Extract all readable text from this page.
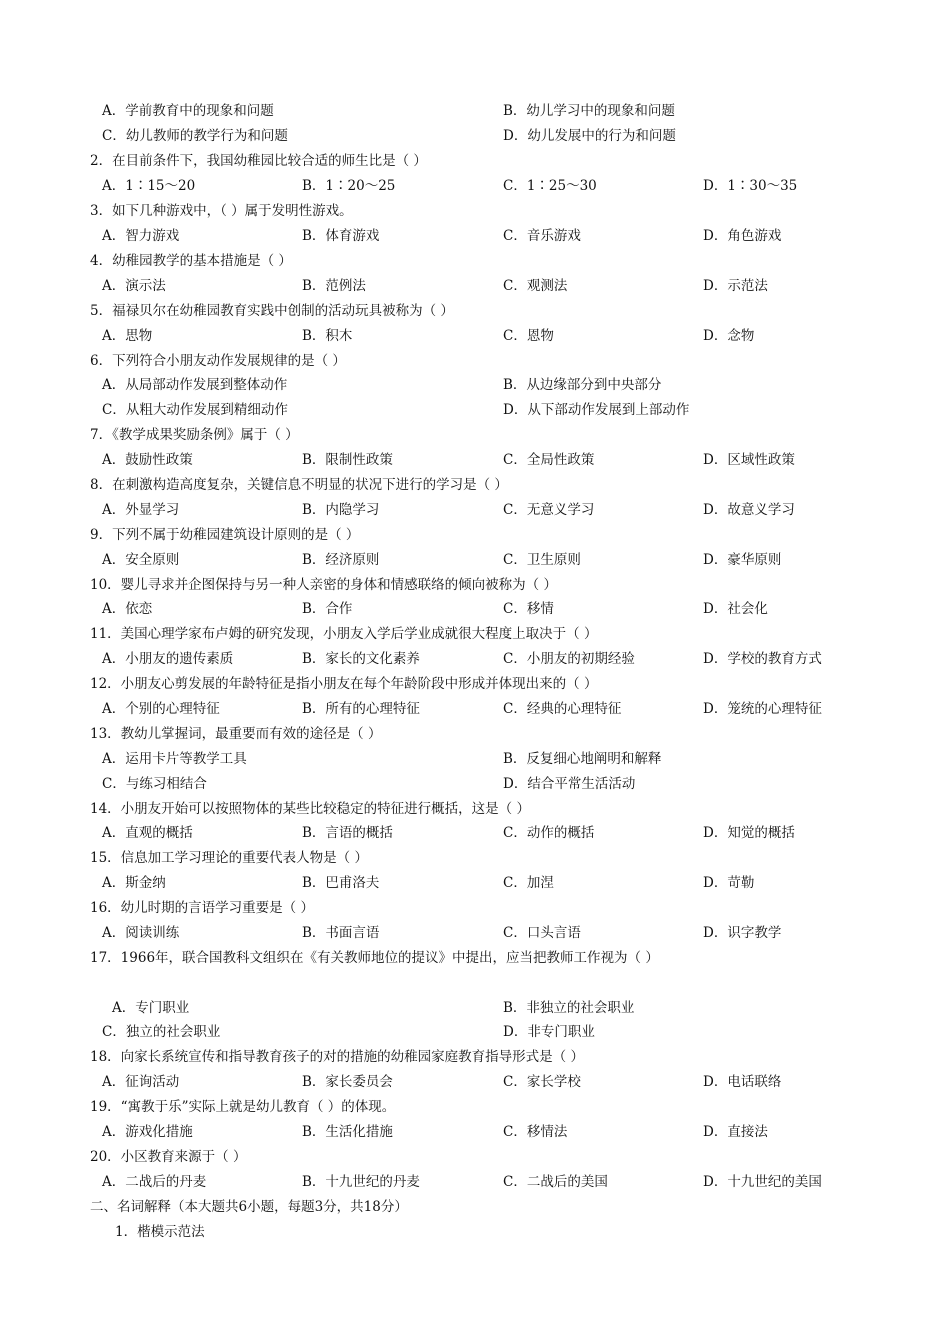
A．学前教育中的现象和问题	B．幼儿学习中的现象和问题
C．幼儿教师的教学行为和问题	D．幼儿发展中的行为和问题
2．在目前条件下，我国幼稚园比较合适的师生比是（ ）
A．1∶15～20	B．1∶20～25	C．1∶25～30	D．1∶30～35
3．如下几种游戏中，（ ）属于发明性游戏。
A．智力游戏	B．体育游戏	C．音乐游戏	D．角色游戏
4．幼稚园教学的基本措施是（ ）
A．演示法	B．范例法	C．观测法	D．示范法
5．福禄贝尔在幼稚园教育实践中创制的活动玩具被称为（ ）
A．思物	B．积木	C．恩物	D．念物
6．下列符合小朋友动作发展规律的是（ ）
A．从局部动作发展到整体动作	B．从边缘部分到中央部分
C．从粗大动作发展到精细动作	D．从下部动作发展到上部动作
7．《教学成果奖励条例》属于（ ）
A．鼓励性政策	B．限制性政策	C．全局性政策	D．区域性政策
8．在刺激构造高度复杂，关键信息不明显的状况下进行的学习是（ ）
A．外显学习	B．内隐学习	C．无意义学习	D．故意义学习
9．下列不属于幼稚园建筑设计原则的是（ ）
A．安全原则	B．经济原则	C．卫生原则	D．豪华原则
10．婴儿寻求并企图保持与另一种人亲密的身体和情感联络的倾向被称为（ ）
A．依恋	B．合作	C．移情	D．社会化
11．美国心理学家布卢姆的研究发现，小朋友入学后学业成就很大程度上取决于（ ）
A．小朋友的遗传素质	B．家长的文化素养	C．小朋友的初期经验	D．学校的教育方式
12．小朋友心剪发展的年龄特征是指小朋友在每个年龄阶段中形成并体现出来的（ ）
A．个别的心理特征	B．所有的心理特征	C．经典的心理特征	D．笼统的心理特征
13．教幼儿掌握词，最重要而有效的途径是（ ）
A．运用卡片等教学工具	B．反复细心地阐明和解释
C．与练习相结合	D．结合平常生活活动
14．小朋友开始可以按照物体的某些比较稳定的特征进行概括，这是（ ）
A．直观的概括	B．言语的概括	C．动作的概括	D．知觉的概括
15．信息加工学习理论的重要代表人物是（ ）
A．斯金纳	B．巴甫洛夫	C．加涅	D．苛勒
16．幼儿时期的言语学习重要是（ ）
A．阅读训练	B．书面言语	C．口头言语	D．识字教学
17．1966年，联合国教科文组织在《有关教师地位的提议》中提出，应当把教师工作视为（ ）
A．专门职业	B．非独立的社会职业
C．独立的社会职业	D．非专门职业
18．向家长系统宣传和指导教育孩子的对的措施的幼稚园家庭教育指导形式是（ ）
A．征询活动	B．家长委员会	C．家长学校	D．电话联络
19．“寓教于乐”实际上就是幼儿教育（ ）的体现。
A．游戏化措施	B．生活化措施	C．移情法	D．直接法
20．小区教育来源于（ ）
A．二战后的丹麦	B．十九世纪的丹麦	C．二战后的美国	D．十九世纪的美国
二、名词解释（本大题共6小题，每题3分，共18分）
1．楷模示范法
